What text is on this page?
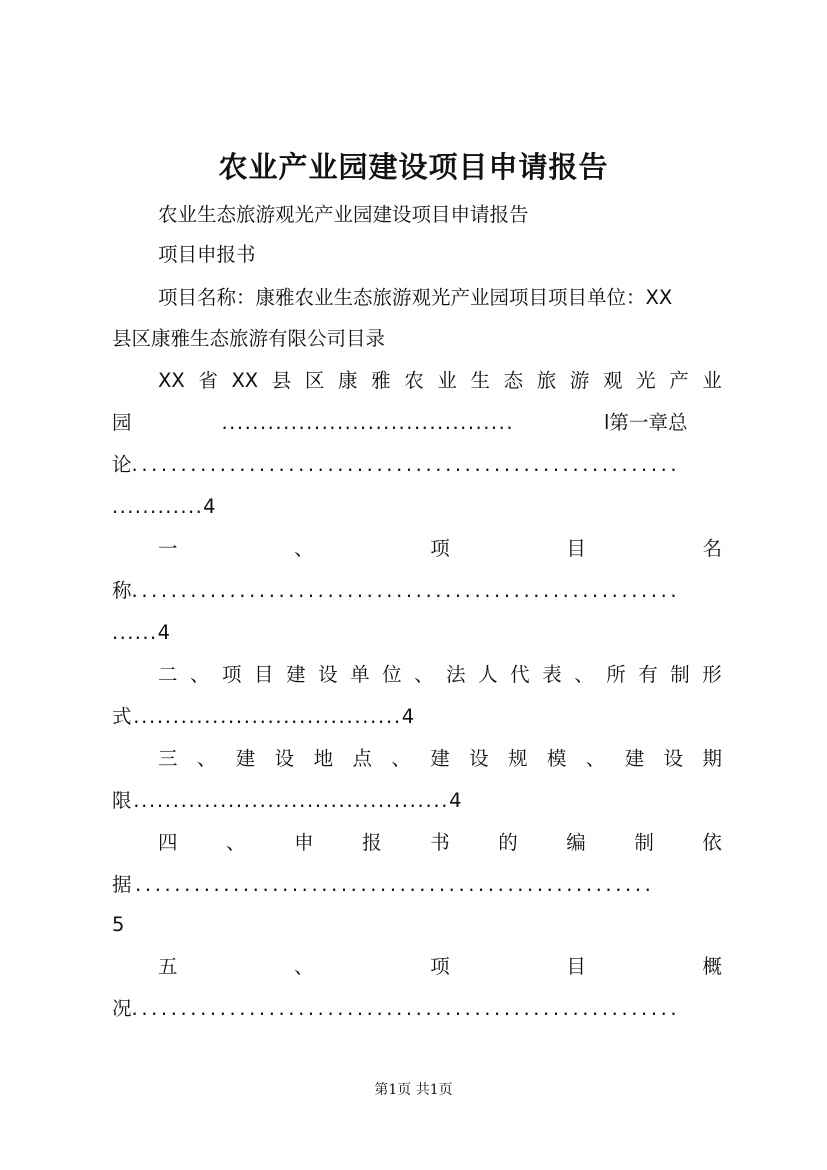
农业产业园建设项目申请报告
农业生态旅游观光产业园建设项目申请报告
项目申报书
项目名称：康雅农业生态旅游观光产业园项目项目单位：XX
县区康雅生态旅游有限公司目录
XX 省 XX 县 区 康 雅 农 业 生 态 旅 游 观 光 产 业
园	......................................	l第一章总
论........................................................
............4
一	、	项	目	名
称........................................................
......4
二 、 项 目 建 设 单 位 、 法 人 代 表 、 所 有 制 形
式..................................4
三 、 建 设 地 点 、 建 设 规 模 、 建 设 期
限........................................4
四 、 申 报 书 的 编 制 依
据.....................................................
5
五	、	项	目	概
况........................................................
第1页 共1页
